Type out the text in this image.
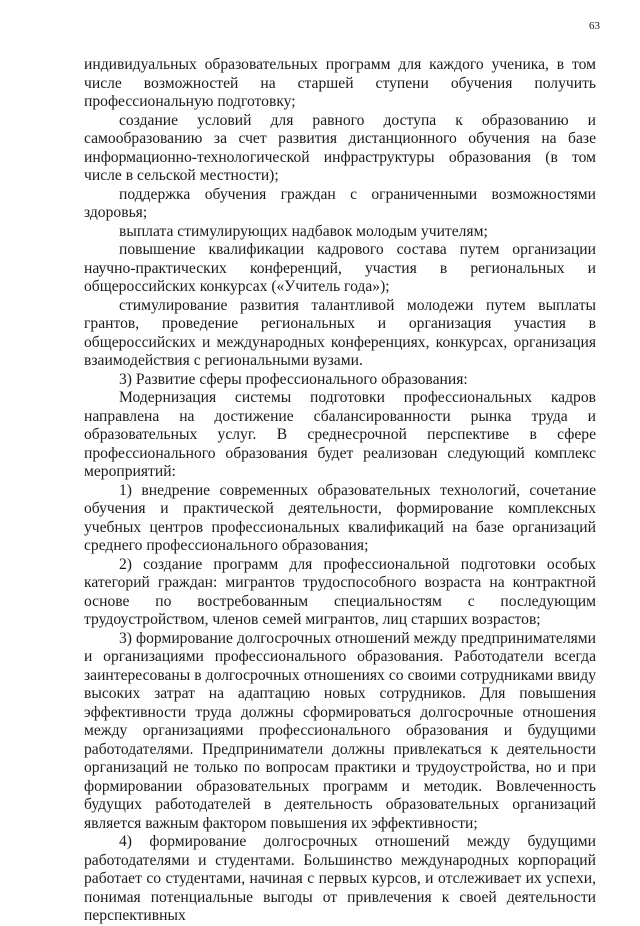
63

индивидуальных образовательных программ для каждого ученика, в том числе возможностей на старшей ступени обучения получить профессиональную подготовку;

создание условий для равного доступа к образованию и самообразованию за счет развития дистанционного обучения на базе информационно-технологической инфраструктуры образования (в том числе в сельской местности);

поддержка обучения граждан с ограниченными возможностями здоровья;

выплата стимулирующих надбавок молодым учителям;

повышение квалификации кадрового состава путем организации научно-практических конференций, участия в региональных и общероссийских конкурсах («Учитель года»);

стимулирование развития талантливой молодежи путем выплаты грантов, проведение региональных и организация участия в общероссийских и международных конференциях, конкурсах, организация взаимодействия с региональными вузами.

3) Развитие сферы профессионального образования:

Модернизация системы подготовки профессиональных кадров направлена на достижение сбалансированности рынка труда и образовательных услуг. В среднесрочной перспективе в сфере профессионального образования будет реализован следующий комплекс мероприятий:

1) внедрение современных образовательных технологий, сочетание обучения и практической деятельности, формирование комплексных учебных центров профессиональных квалификаций на базе организаций среднего профессионального образования;

2) создание программ для профессиональной подготовки особых категорий граждан: мигрантов трудоспособного возраста на контрактной основе по востребованным специальностям с последующим трудоустройством, членов семей мигрантов, лиц старших возрастов;

3) формирование долгосрочных отношений между предпринимателями и организациями профессионального образования. Работодатели всегда заинтересованы в долгосрочных отношениях со своими сотрудниками ввиду высоких затрат на адаптацию новых сотрудников. Для повышения эффективности труда должны сформироваться долгосрочные отношения между организациями профессионального образования и будущими работодателями. Предприниматели должны привлекаться к деятельности организаций не только по вопросам практики и трудоустройства, но и при формировании образовательных программ и методик. Вовлеченность будущих работодателей в деятельность образовательных организаций является важным фактором повышения их эффективности;

4) формирование долгосрочных отношений между будущими работодателями и студентами. Большинство международных корпораций работает со студентами, начиная с первых курсов, и отслеживает их успехи, понимая потенциальные выгоды от привлечения к своей деятельности перспективных
